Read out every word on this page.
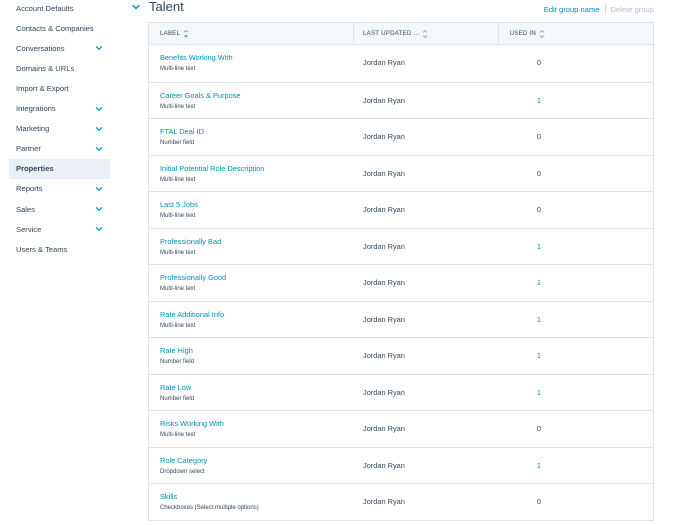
Account Defaults
Contacts & Companies
Conversations
Domains & URLs
Import & Export
Integrations
Marketing
Partner
Properties
Reports
Sales
Service
Users & Teams
Talent	Edit group name Delete group
LABEL	LAST UPDATED ...	USED IN
Benefits Working With
Multi-line text
Jordan Ryan	0
Career Goals & Purpose
Multi-line text
Jordan Ryan	1
FTAL Deal ID
Number field
Jordan Ryan	0
Initial Potential Role Description
Multi-line text
Jordan Ryan	0
Last 5 Jobs
Multi-line text
Jordan Ryan	0
Professionally Bad
Multi-line text
Jordan Ryan	1
Professionally Good
Multi-line text
Jordan Ryan	1
Rate Additional Info
Multi-line text
Jordan Ryan	1
Rate High
Number field
Jordan Ryan	1
Rate Low
Number field
Jordan Ryan	1
Risks Working With
Multi-line text
Jordan Ryan	0
Role Category
Dropdown select
Jordan Ryan	1
Skills
Checkboxes (Select multiple options)
Jordan Ryan	0
